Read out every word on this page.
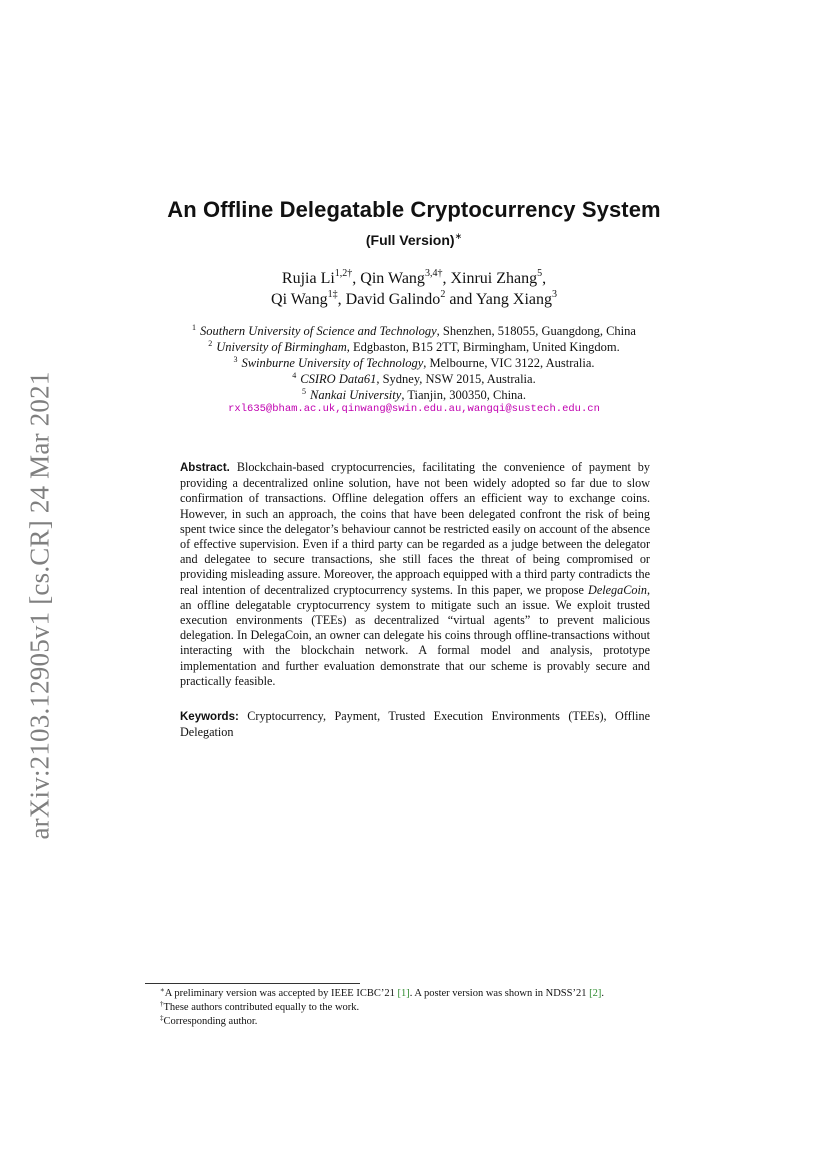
arXiv:2103.12905v1 [cs.CR] 24 Mar 2021
An Offline Delegatable Cryptocurrency System
(Full Version)∗
Rujia $Li^{1,2\dagger}$, Qin Wang$^{3,4\dagger}$, Xinrui Zhang$^5$,
Qi Wang$^{1\ddagger}$, David Galindo$^2$ and Yang Xiang$^3$
$^1$ Southern University of Science and Technology, Shenzhen, 518055, Guangdong, China
$^2$ University of Birmingham, Edgbaston, B15 2TT, Birmingham, United Kingdom.
$^3$ Swinburne University of Technology, Melbourne, VIC 3122, Australia.
$^4$ CSIRO Data61, Sydney, NSW 2015, Australia.
$^5$ Nankai University, Tianjin, 300350, China.
rxl635@bham.ac.uk,qinwang@swin.edu.au,wangqi@sustech.edu.cn
Abstract. Blockchain-based cryptocurrencies, facilitating the convenience of payment by providing a decentralized online solution, have not been widely adopted so far due to slow confirmation of transactions. Offline delegation offers an efficient way to exchange coins. However, in such an approach, the coins that have been delegated confront the risk of being spent twice since the delegator’s behaviour cannot be restricted easily on account of the absence of effective supervision. Even if a third party can be regarded as a judge between the delegator and delegatee to secure transactions, she still faces the threat of being compromised or providing misleading assure. Moreover, the approach equipped with a third party contradicts the real intention of decentralized cryptocurrency systems. In this paper, we propose DelegaCoin, an offline delegatable cryptocurrency system to mitigate such an issue. We exploit trusted execution environments (TEEs) as decentralized “virtual agents” to prevent malicious delegation. In DelegaCoin, an owner can delegate his coins through offline-transactions without interacting with the blockchain network. A formal model and analysis, prototype implementation and further evaluation demonstrate that our scheme is provably secure and practically feasible.
Keywords: Cryptocurrency, Payment, Trusted Execution Environments (TEEs), Offline Delegation
∗A preliminary version was accepted by IEEE ICBC’21 [1]. A poster version was shown in NDSS’21 [2].
†These authors contributed equally to the work.
‡Corresponding author.
